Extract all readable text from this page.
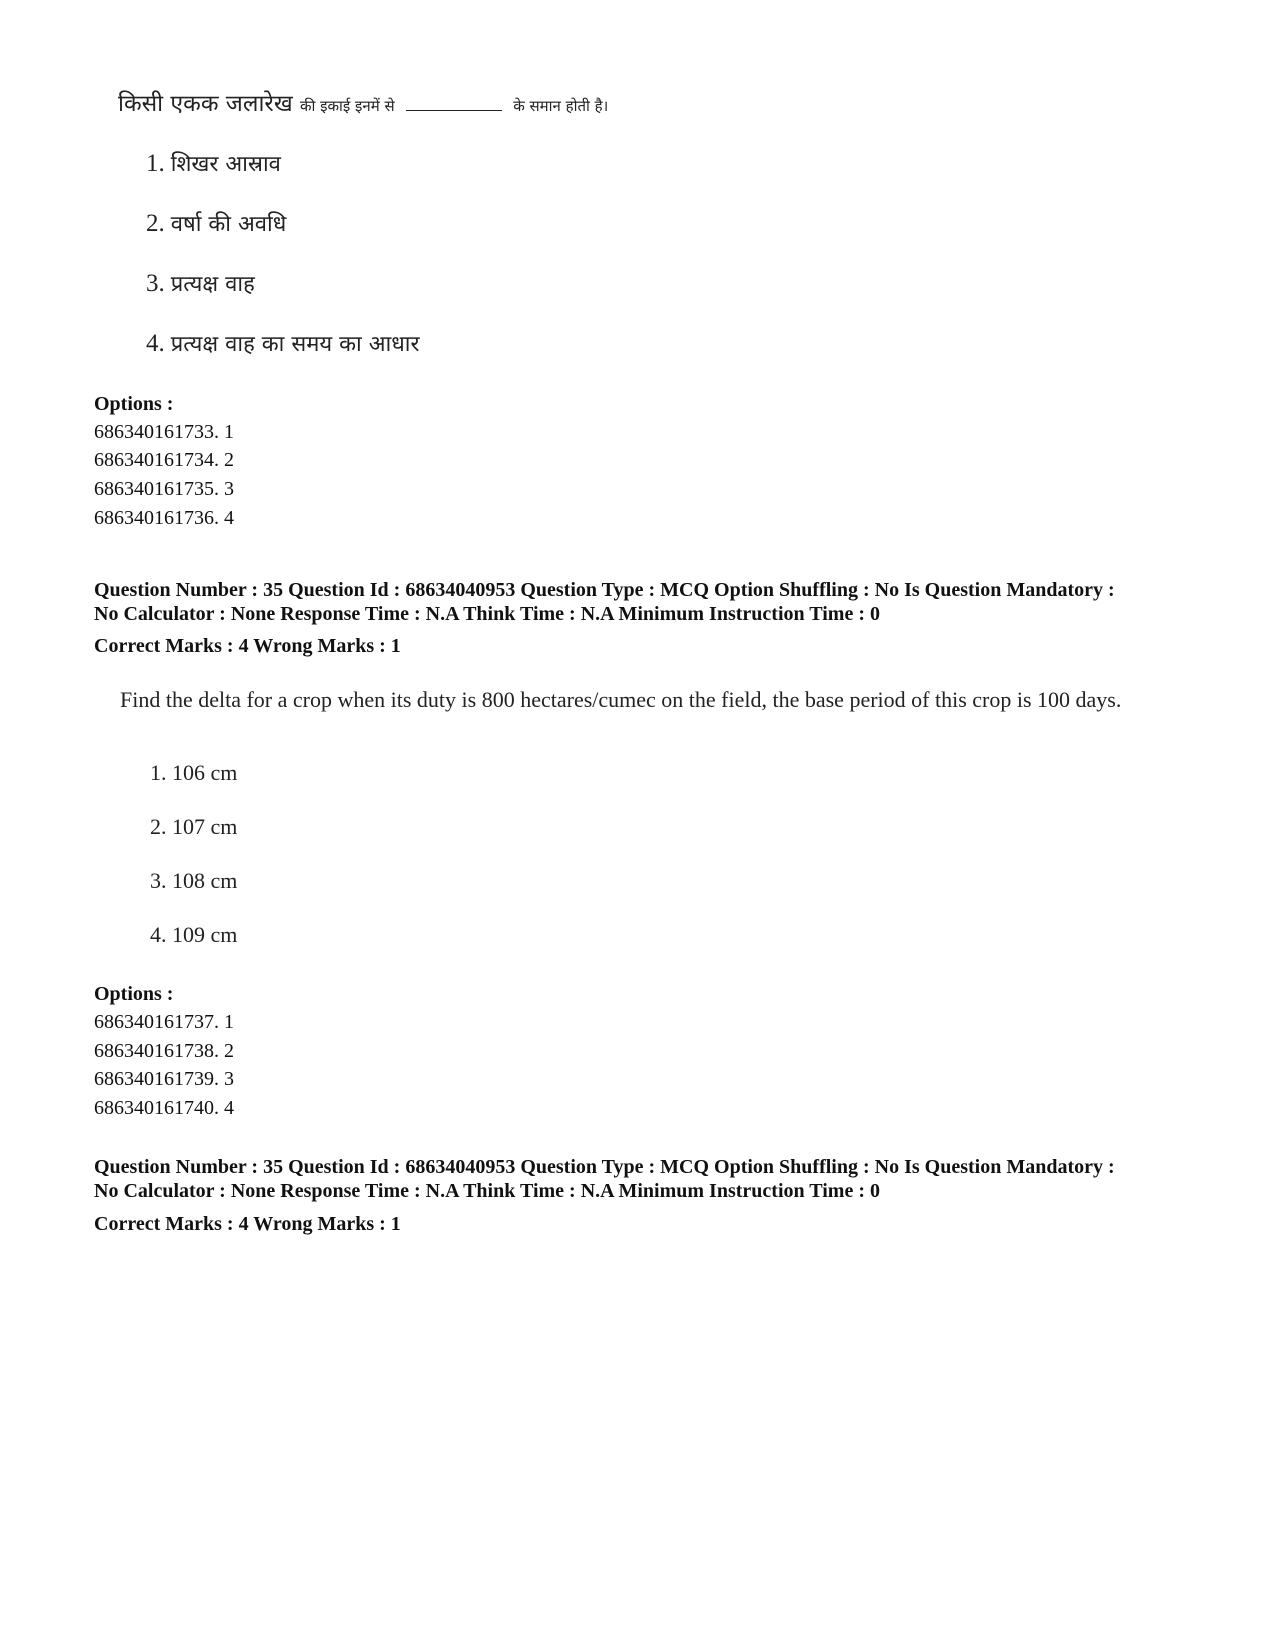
किसी एकक जलारेख की इकाई इनमें से	के समान होती है।
1. शिखर आस्राव
2. वर्षा की अवधि
3. प्रत्यक्ष वाह
4. प्रत्यक्ष वाह का समय का आधार
Options :
686340161733. 1
686340161734. 2
686340161735. 3
686340161736. 4
Question Number : 35 Question Id : 68634040953 Question Type : MCQ Option Shuffling : No Is Question Mandatory :
No Calculator : None Response Time : N.A Think Time : N.A Minimum Instruction Time : 0
Correct Marks : 4 Wrong Marks : 1
Find the delta for a crop when its duty is 800 hectares/cumec on the field, the base period of this crop is 100 days.
1. 106 cm
2. 107 cm
3. 108 cm
4. 109 cm
Options :
686340161737. 1
686340161738. 2
686340161739. 3
686340161740. 4
Question Number : 35 Question Id : 68634040953 Question Type : MCQ Option Shuffling : No Is Question Mandatory :
No Calculator : None Response Time : N.A Think Time : N.A Minimum Instruction Time : 0
Correct Marks : 4 Wrong Marks : 1
